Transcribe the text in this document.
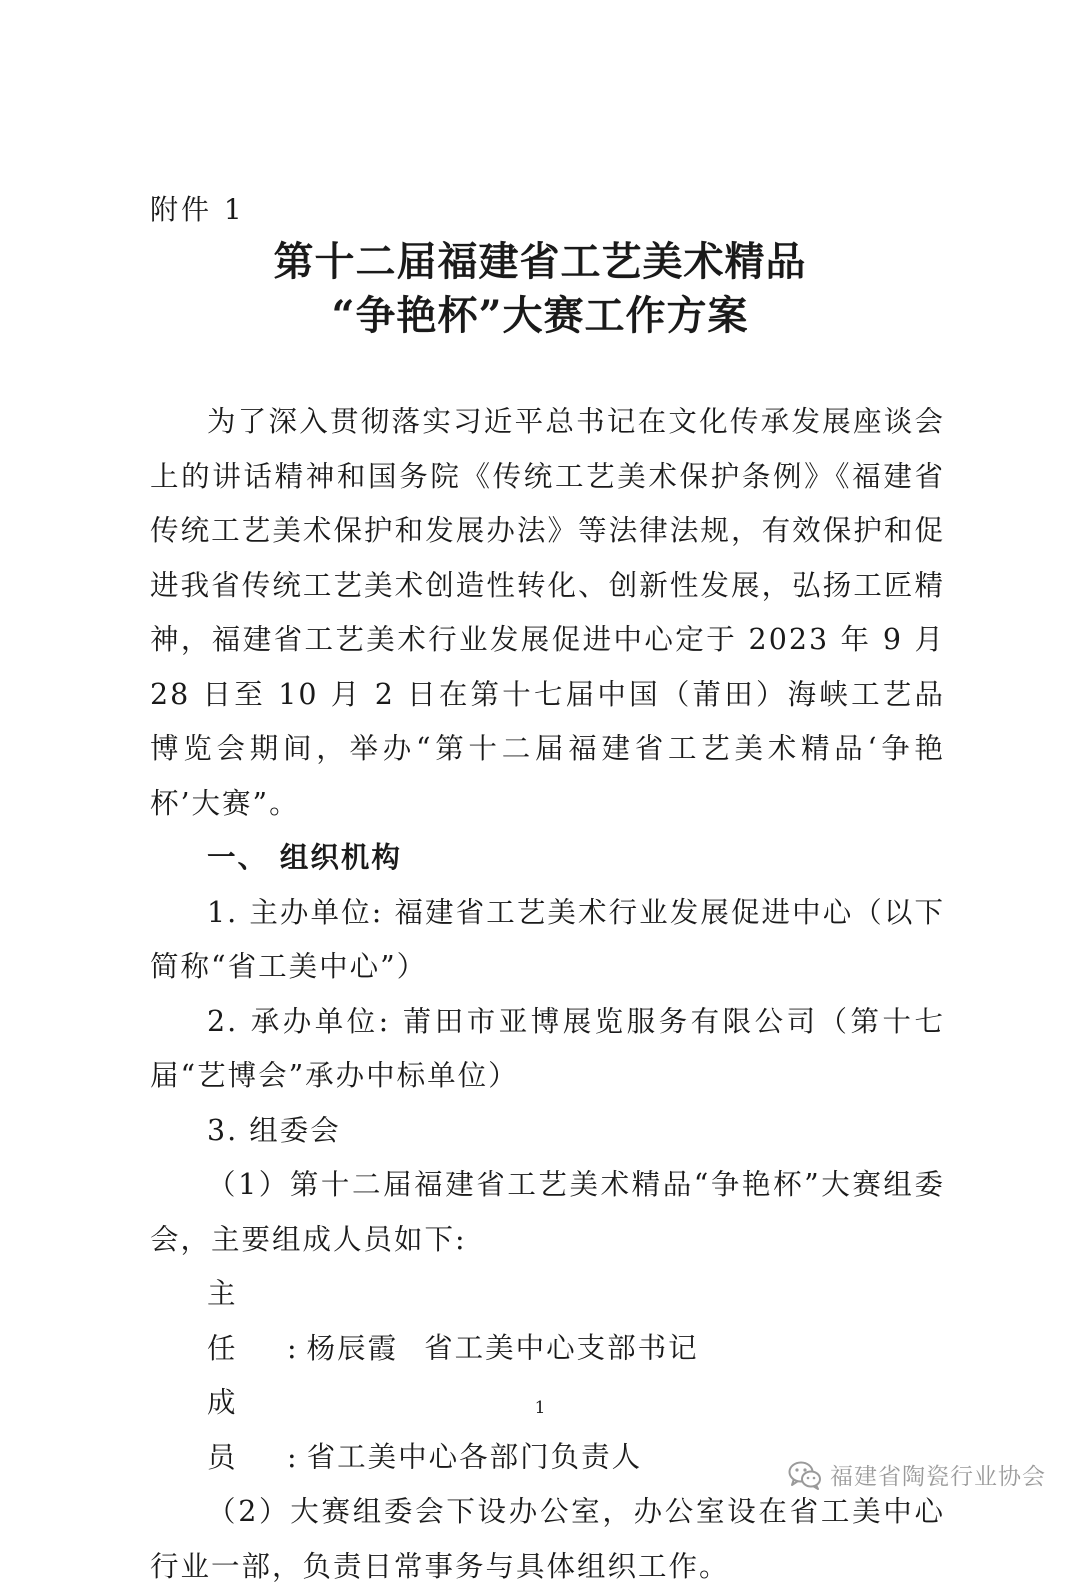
附件 1
第十二届福建省工艺美术精品
“争艳杯”大赛工作方案

为了深入贯彻落实习近平总书记在文化传承发展座谈会上的讲话精神和国务院《传统工艺美术保护条例》《福建省传统工艺美术保护和发展办法》等法律法规，有效保护和促进我省传统工艺美术创造性转化、创新性发展，弘扬工匠精神，福建省工艺美术行业发展促进中心定于 2023 年 9 月 28 日至 10 月 2 日在第十七届中国（莆田）海峡工艺品博览会期间，举办“第十二届福建省工艺美术精品‘争艳杯’大赛”。

一、 组织机构

1. 主办单位: 福建省工艺美术行业发展促进中心（以下简称“省工美中心”）

2. 承办单位: 莆田市亚博展览服务有限公司（第十七届“艺博会”承办中标单位）

3. 组委会

（1）第十二届福建省工艺美术精品“争艳杯”大赛组委会，主要组成人员如下:

主任 : 杨辰霞 省工美中心支部书记

成员 : 省工美中心各部门负责人

（2）大赛组委会下设办公室，办公室设在省工美中心行业一部，负责日常事务与具体组织工作。

1
福建省陶瓷行业协会
